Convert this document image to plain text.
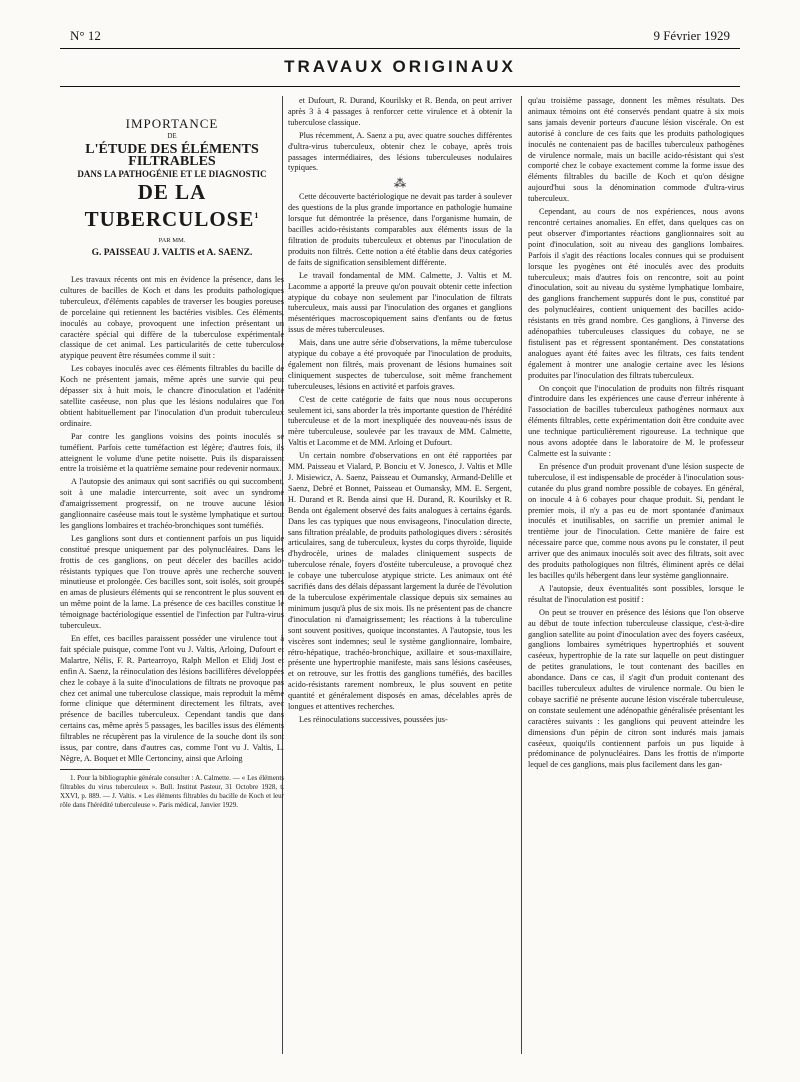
N° 12	9 Février 1929
TRAVAUX ORIGINAUX
IMPORTANCE
DE
L'ÉTUDE DES ÉLÉMENTS FILTRABLES
DANS LA PATHOGÉNIE ET LE DIAGNOSTIC
DE LA TUBERCULOSE$^1$
PAR MM.
G. PAISSEAU J. VALTIS et A. SAENZ.

Les travaux récents ont mis en évidence la présence, dans les cultures de bacilles de Koch et dans les produits pathologiques tuberculeux, d'éléments capables de traverser les bougies poreuses de porcelaine qui retiennent les bactéries visibles. Ces éléments, inoculés au cobaye, provoquent une infection présentant un caractère spécial qui diffère de la tuberculose expérimentale classique de cet animal. Les particularités de cette tuberculose atypique peuvent être résumées comme il suit :

Les cobayes inoculés avec ces éléments filtrables du bacille de Koch ne présentent jamais, même après une survie qui peut dépasser six à huit mois, le chancre d'inoculation et l'adénite satellite caséeuse, non plus que les lésions nodulaires que l'on obtient habituellement par l'inoculation d'un produit tuberculeux ordinaire.

Par contre les ganglions voisins des points inoculés se tuméfient. Parfois cette tuméfaction est légère; d'autres fois, ils atteignent le volume d'une petite noisette. Puis ils disparaissent entre la troisième et la quatrième semaine pour redevenir normaux.

A l'autopsie des animaux qui sont sacrifiés ou qui succombent, soit à une maladie intercurrente, soit avec un syndrome d'amaigrissement progressif, on ne trouve aucune lésion ganglionnaire caséeuse mais tout le système lymphatique et surtout les ganglions lombaires et trachéo-bronchiques sont tuméfiés.

Les ganglions sont durs et contiennent parfois un pus liquide constitué presque uniquement par des polynucléaires. Dans les frottis de ces ganglions, on peut déceler des bacilles acido-résistants typiques que l'on trouve après une recherche souvent minutieuse et prolongée. Ces bacilles sont, soit isolés, soit groupés en amas de plusieurs éléments qui se rencontrent le plus souvent en un même point de la lame. La présence de ces bacilles constitue le témoignage bactériologique essentiel de l'infection par l'ultra-virus tuberculeux.

En effet, ces bacilles paraissent posséder une virulence tout à fait spéciale puisque, comme l'ont vu J. Valtis, Arloing, Dufourt et Malartre, Nélis, F. R. Partearroyo, Ralph Mellon et Elidj Jost et enfin A. Saenz, la réinoculation des lésions bacillifères développées chez le cobaye à la suite d'inoculations de filtrats ne provoque pas chez cet animal une tuberculose classique, mais reproduit la même forme clinique que déterminent directement les filtrats, avec présence de bacilles tuberculeux. Cependant tandis que dans certains cas, même après 5 passages, les bacilles issus des éléments filtrables ne récupèrent pas la virulence de la souche dont ils sont issus, par contre, dans d'autres cas, comme l'ont vu J. Valtis, L. Nègre, A. Boquet et Mlle Certonciny, ainsi que Arloing

1. Pour la bibliographie générale consulter : A. Calmette. — « Les éléments filtrables du virus tuberculeux ». Bull. Institut Pasteur, 31 Octobre 1928, t. XXVI, p. 889. — J. Valtis. « Les éléments filtrables du bacille de Koch et leur rôle dans l'hérédité tuberculeuse ». Paris médical, Janvier 1929.

et Dufourt, R. Durand, Kourilsky et R. Benda, on peut arriver après 3 à 4 passages à renforcer cette virulence et à obtenir la tuberculose classique.

Plus récemment, A. Saenz a pu, avec quatre souches différentes d'ultra-virus tuberculeux, obtenir chez le cobaye, après trois passages intermédiaires, des lésions tuberculeuses nodulaires typiques.

⁂

Cette découverte bactériologique ne devait pas tarder à soulever des questions de la plus grande importance en pathologie humaine lorsque fut démontrée la présence, dans l'organisme humain, de bacilles acido-résistants comparables aux éléments issus de la filtration de produits tuberculeux et obtenus par l'inoculation de produits non filtrés. Cette notion a été établie dans deux catégories de faits de signification sensiblement différente.

Le travail fondamental de MM. Calmette, J. Valtis et M. Lacomme a apporté la preuve qu'on pouvait obtenir cette infection atypique du cobaye non seulement par l'inoculation de filtrats tuberculeux, mais aussi par l'inoculation des organes et ganglions mésentériques macroscopiquement sains d'enfants ou de fœtus issus de mères tuberculeuses.

Mais, dans une autre série d'observations, la même tuberculose atypique du cobaye a été provoquée par l'inoculation de produits, également non filtrés, mais provenant de lésions humaines soit cliniquement suspectes de tuberculose, soit même franchement tuberculeuses, lésions en activité et parfois graves.

C'est de cette catégorie de faits que nous nous occuperons seulement ici, sans aborder la très importante question de l'hérédité tuberculeuse et de la mort inexpliquée des nouveau-nés issus de mère tuberculeuse, soulevée par les travaux de MM. Calmette, Valtis et Lacomme et de MM. Arloing et Dufourt.

Un certain nombre d'observations en ont été rapportées par MM. Paisseau et Vialard, P. Bonciu et V. Jonesco, J. Valtis et Mlle J. Misiewicz, A. Saenz, Paisseau et Oumansky, Armand-Delille et Saenz, Debré et Bonnet, Paisseau et Oumansky, MM. E. Sergent, H. Durand et R. Benda ainsi que H. Durand, R. Kourilsky et R. Benda ont également observé des faits analogues à certains égards. Dans les cas typiques que nous envisageons, l'inoculation directe, sans filtration préalable, de produits pathologiques divers : sérosités articulaires, sang de tuberculeux, kystes du corps thyroïde, liquide d'hydrocèle, urines de malades cliniquement suspects de tuberculose rénale, foyers d'ostéite tuberculeuse, a provoqué chez le cobaye une tuberculose atypique stricte. Les animaux ont été sacrifiés dans des délais dépassant largement la durée de l'évolution de la tuberculose expérimentale classique depuis six semaines au minimum jusqu'à plus de six mois. Ils ne présentent pas de chancre d'inoculation ni d'amaigrissement; les réactions à la tuberculine sont souvent positives, quoique inconstantes. A l'autopsie, tous les viscères sont indemnes; seul le système ganglionnaire, lombaire, rétro-hépatique, trachéo-bronchique, axillaire et sous-maxillaire, présente une hypertrophie manifeste, mais sans lésions caséeuses, et on retrouve, sur les frottis des ganglions tuméfiés, des bacilles acido-résistants rarement nombreux, le plus souvent en petite quantité et généralement disposés en amas, décelables après de longues et attentives recherches.

Les réinoculations successives, poussées jus-

qu'au troisième passage, donnent les mêmes résultats. Des animaux témoins ont été conservés pendant quatre à six mois sans jamais devenir porteurs d'aucune lésion viscérale. On est autorisé à conclure de ces faits que les produits pathologiques inoculés ne contenaient pas de bacilles tuberculeux pathogènes de virulence normale, mais un bacille acido-résistant qui s'est comporté chez le cobaye exactement comme la forme issue des éléments filtrables du bacille de Koch et qu'on désigne aujourd'hui sous la dénomination commode d'ultra-virus tuberculeux.

Cependant, au cours de nos expériences, nous avons rencontré certaines anomalies. En effet, dans quelques cas on peut observer d'importantes réactions ganglionnaires soit au point d'inoculation, soit au niveau des ganglions lombaires. Parfois il s'agit des réactions locales connues qui se produisent lorsque les pyogènes ont été inoculés avec des produits tuberculeux; mais d'autres fois on rencontre, soit au point d'inoculation, soit au niveau du système lymphatique lombaire, des ganglions franchement suppurés dont le pus, constitué par des polynucléaires, contient uniquement des bacilles acido-résistants en très grand nombre. Ces ganglions, à l'inverse des adénopathies tuberculeuses classiques du cobaye, ne se fistulisent pas et régressent spontanément. Des constatations analogues ayant été faites avec les filtrats, ces faits tendent également à montrer une analogie certaine avec les lésions produites par l'inoculation des filtrats tuberculeux.

On conçoit que l'inoculation de produits non filtrés risquant d'introduire dans les expériences une cause d'erreur inhérente à l'association de bacilles tuberculeux pathogènes normaux aux éléments filtrables, cette expérimentation doit être conduite avec une technique particulièrement rigoureuse. La technique que nous avons adoptée dans le laboratoire de M. le professeur Calmette est la suivante :

En présence d'un produit provenant d'une lésion suspecte de tuberculose, il est indispensable de procéder à l'inoculation sous-cutanée du plus grand nombre possible de cobayes. En général, on inocule 4 à 6 cobayes pour chaque produit. Si, pendant le premier mois, il n'y a pas eu de mort spontanée d'animaux inoculés et inutilisables, on sacrifie un premier animal le trentième jour de l'inoculation. Cette manière de faire est nécessaire parce que, comme nous avons pu le constater, il peut arriver que des animaux inoculés soit avec des filtrats, soit avec des produits pathologiques non filtrés, éliminent après ce délai les bacilles qu'ils hébergent dans leur système ganglionnaire.

A l'autopsie, deux éventualités sont possibles, lorsque le résultat de l'inoculation est positif :

On peut se trouver en présence des lésions que l'on observe au début de toute infection tuberculeuse classique, c'est-à-dire ganglion satellite au point d'inoculation avec des foyers caséeux, ganglions lombaires symétriques hypertrophiés et souvent caséeux, hypertrophie de la rate sur laquelle on peut distinguer de petites granulations, le tout contenant des bacilles en abondance. Dans ce cas, il s'agit d'un produit contenant des bacilles tuberculeux adultes de virulence normale. Ou bien le cobaye sacrifié ne présente aucune lésion viscérale tuberculeuse, on constate seulement une adénopathie généralisée présentant les caractères suivants : les ganglions qui peuvent atteindre les dimensions d'un pépin de citron sont indurés mais jamais caséeux, quoiqu'ils contiennent parfois un pus liquide à prédominance de polynucléaires. Dans les frottis de n'importe lequel de ces ganglions, mais plus facilement dans les gan-
